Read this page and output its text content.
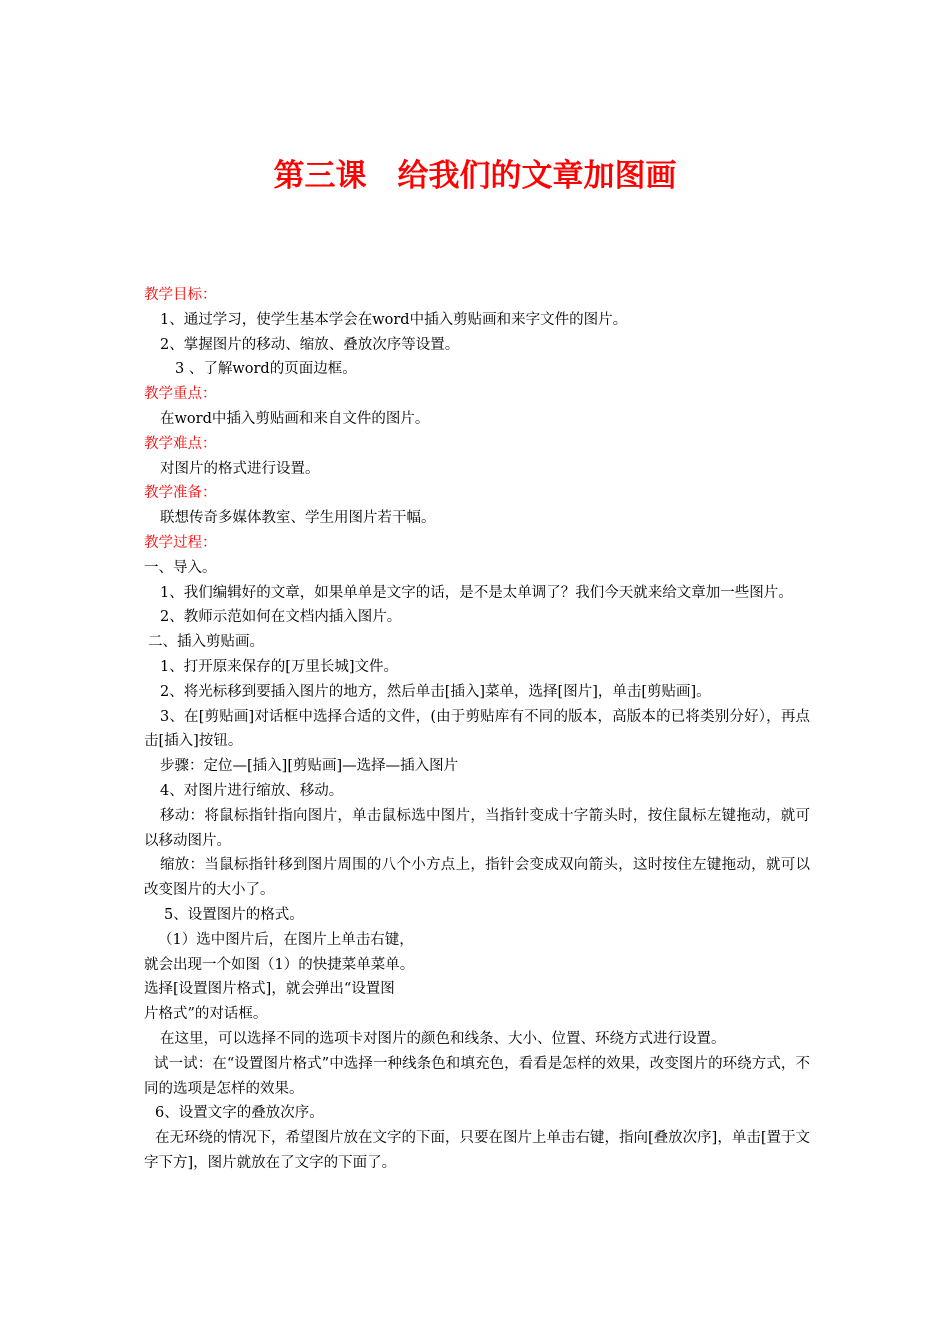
第三课　给我们的文章加图画

教学目标：

1、通过学习，使学生基本学会在word中插入剪贴画和来字文件的图片。

2、掌握图片的移动、缩放、叠放次序等设置。

3 、了解word的页面边框。

教学重点：

在word中插入剪贴画和来自文件的图片。

教学难点：

对图片的格式进行设置。

教学准备：

联想传奇多媒体教室、学生用图片若干幅。

教学过程：

一、导入。

1、我们编辑好的文章，如果单单是文字的话，是不是太单调了？我们今天就来给文章加一些图片。

2、教师示范如何在文档内插入图片。

二、插入剪贴画。

1、打开原来保存的[万里长城]文件。

2、将光标移到要插入图片的地方，然后单击[插入]菜单，选择[图片]，单击[剪贴画]。

3、在[剪贴画]对话框中选择合适的文件，(由于剪贴库有不同的版本，高版本的已将类别分好），再点击[插入]按钮。

步骤：定位—[插入][剪贴画]—选择—插入图片

4、对图片进行缩放、移动。

移动：将鼠标指针指向图片，单击鼠标选中图片，当指针变成十字箭头时，按住鼠标左键拖动，就可以移动图片。

缩放：当鼠标指针移到图片周围的八个小方点上，指针会变成双向箭头，这时按住左键拖动，就可以改变图片的大小了。

5、设置图片的格式。

（1）选中图片后，在图片上单击右键，

就会出现一个如图（1）的快捷菜单菜单。

选择[设置图片格式]，就会弹出“设置图

片格式”的对话框。

在这里，可以选择不同的选项卡对图片的颜色和线条、大小、位置、环绕方式进行设置。

试一试：在“设置图片格式”中选择一种线条色和填充色，看看是怎样的效果，改变图片的环绕方式，不同的选项是怎样的效果。

6、设置文字的叠放次序。

在无环绕的情况下，希望图片放在文字的下面，只要在图片上单击右键，指向[叠放次序]，单击[置于文字下方]，图片就放在了文字的下面了。
